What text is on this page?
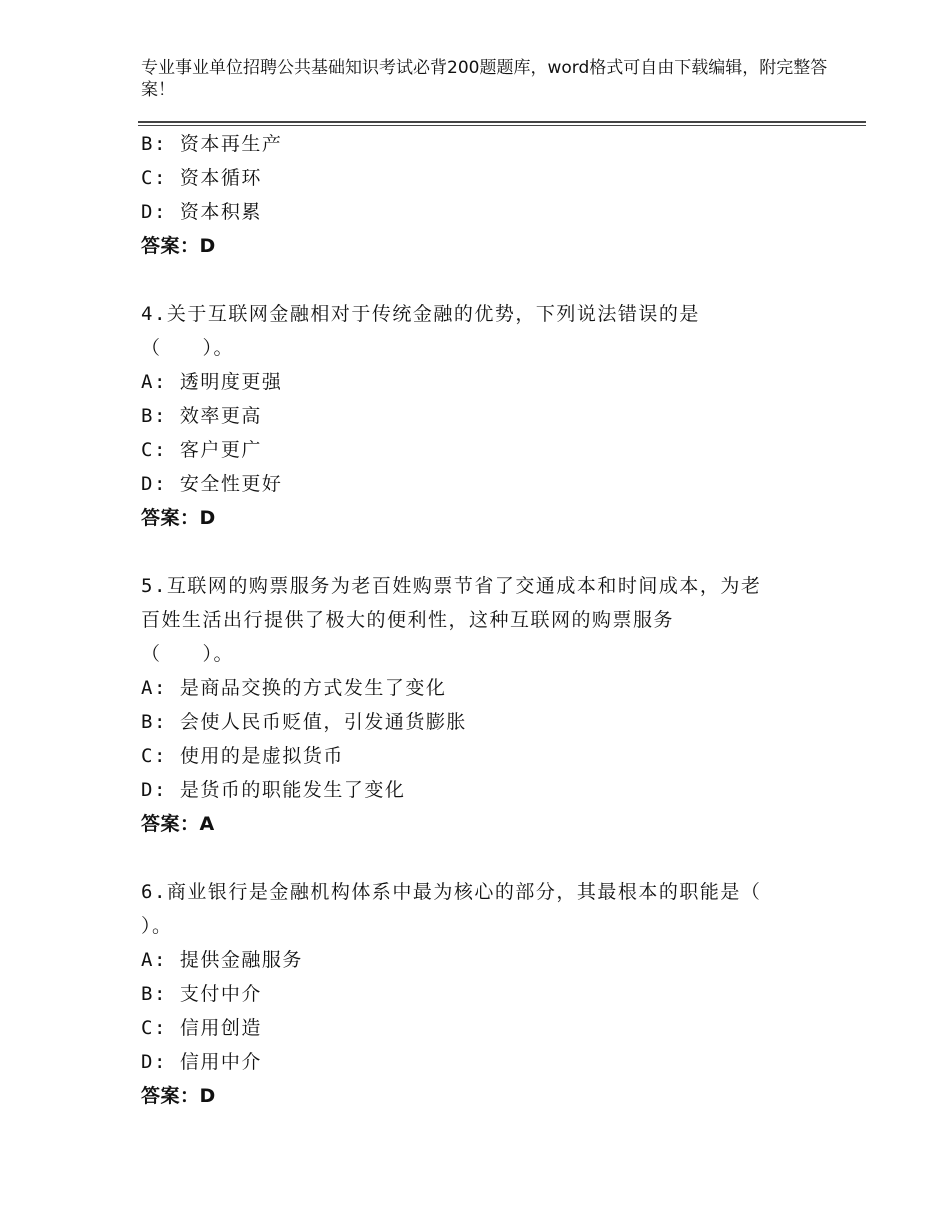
专业事业单位招聘公共基础知识考试必背200题题库，word格式可自由下载编辑，附完整答案！
B: 资本再生产
C: 资本循环
D: 资本积累
答案：D
4.关于互联网金融相对于传统金融的优势，下列说法错误的是
（　　）。
A: 透明度更强
B: 效率更高
C: 客户更广
D: 安全性更好
答案：D
5.互联网的购票服务为老百姓购票节省了交通成本和时间成本，为老
百姓生活出行提供了极大的便利性，这种互联网的购票服务
（　　）。
A: 是商品交换的方式发生了变化
B: 会使人民币贬值，引发通货膨胀
C: 使用的是虚拟货币
D: 是货币的职能发生了变化
答案：A
6.商业银行是金融机构体系中最为核心的部分，其最根本的职能是（
）。
A: 提供金融服务
B: 支付中介
C: 信用创造
D: 信用中介
答案：D
